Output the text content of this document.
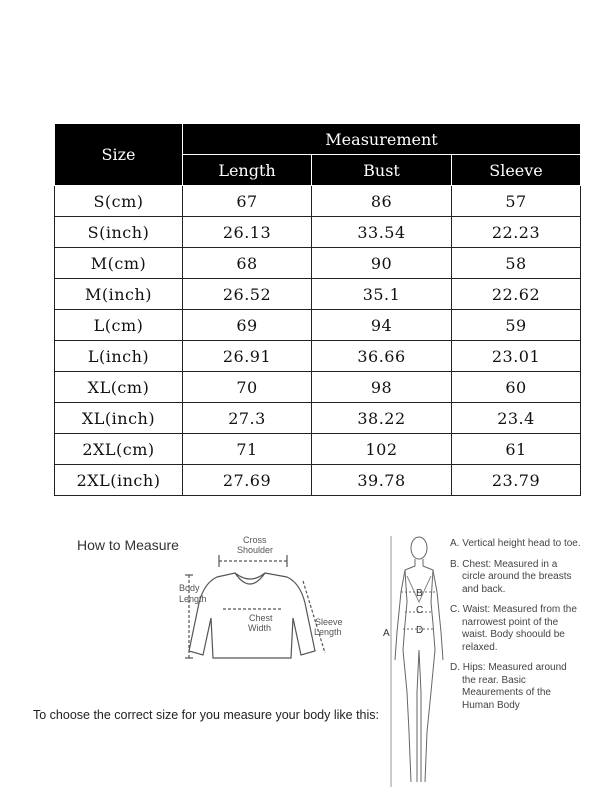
Size	Measurement		
	Length	Bust	Sleeve
S(cm)	67	86	57
S(inch)	26.13	33.54	22.23
M(cm)	68	90	58
M(inch)	26.52	35.1	22.62
L(cm)	69	94	59
L(inch)	26.91	36.66	23.01
XL(cm)	70	98	60
XL(inch)	27.3	38.22	23.4
2XL(cm)	71	102	61
2XL(inch)	27.69	39.78	23.79
How to Measure	Cross
Shoulder
Body
Length
Chest
Width
Sleeve
Length
To choose the correct size for you measure your body like this:
A
B
C
D
A. Vertical height head to toe.
B. Chest: Measured in a circle around the breasts and back.
C. Waist: Measured from the narrowest point of the waist. Body shoould be relaxed.
D. Hips: Measured around the rear. Basic Meaurements of the Human Body
